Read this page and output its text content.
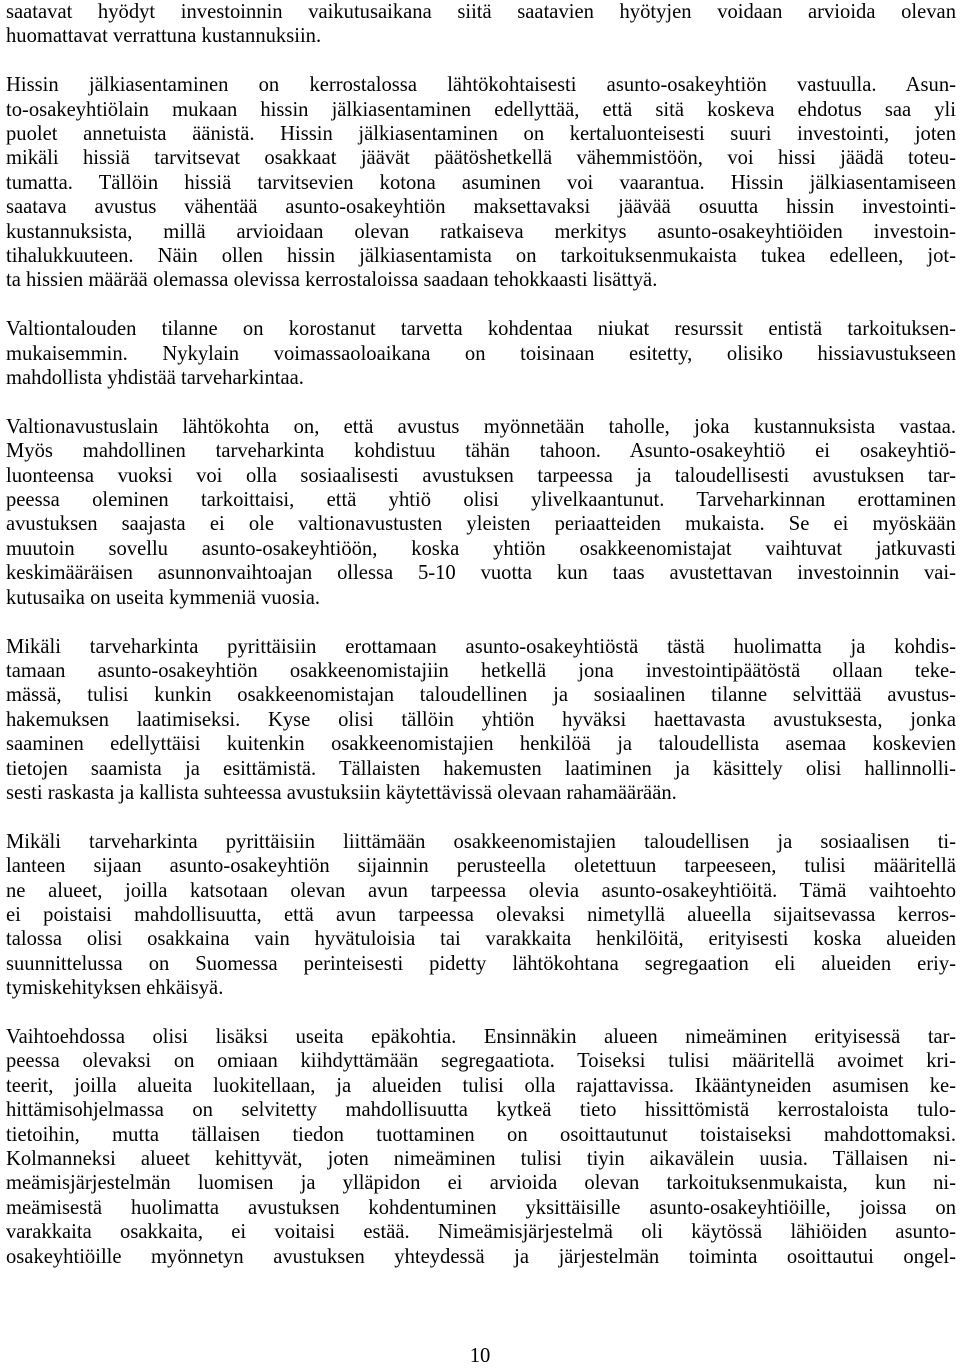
saatavat hyödyt investoinnin vaikutusaikana siitä saatavien hyötyjen voidaan arvioida olevan
huomattavat verrattuna kustannuksiin.
Hissin jälkiasentaminen on kerrostalossa lähtökohtaisesti asunto-osakeyhtiön vastuulla. Asun-
to-osakeyhtiölain mukaan hissin jälkiasentaminen edellyttää, että sitä koskeva ehdotus saa yli
puolet annetuista äänistä. Hissin jälkiasentaminen on kertaluonteisesti suuri investointi, joten
mikäli hissiä tarvitsevat osakkaat jäävät päätöshetkellä vähemmistöön, voi hissi jäädä toteu-
tumatta. Tällöin hissiä tarvitsevien kotona asuminen voi vaarantua. Hissin jälkiasentamiseen
saatava avustus vähentää asunto-osakeyhtiön maksettavaksi jäävää osuutta hissin investointi-
kustannuksista, millä arvioidaan olevan ratkaiseva merkitys asunto-osakeyhtiöiden investoin-
tihalukkuuteen. Näin ollen hissin jälkiasentamista on tarkoituksenmukaista tukea edelleen, jot-
ta hissien määrää olemassa olevissa kerrostaloissa saadaan tehokkaasti lisättyä.
Valtiontalouden tilanne on korostanut tarvetta kohdentaa niukat resurssit entistä tarkoituksen-
mukaisemmin. Nykylain voimassaoloaikana on toisinaan esitetty, olisiko hissiavustukseen
mahdollista yhdistää tarveharkintaa.
Valtionavustuslain lähtökohta on, että avustus myönnetään taholle, joka kustannuksista vastaa.
Myös mahdollinen tarveharkinta kohdistuu tähän tahoon. Asunto-osakeyhtiö ei osakeyhtiö-
luonteensa vuoksi voi olla sosiaalisesti avustuksen tarpeessa ja taloudellisesti avustuksen tar-
peessa oleminen tarkoittaisi, että yhtiö olisi ylivelkaantunut. Tarveharkinnan erottaminen
avustuksen saajasta ei ole valtionavustusten yleisten periaatteiden mukaista. Se ei myöskään
muutoin sovellu asunto-osakeyhtiöön, koska yhtiön osakkeenomistajat vaihtuvat jatkuvasti
keskimääräisen asunnonvaihtoajan ollessa 5-10 vuotta kun taas avustettavan investoinnin vai-
kutusaika on useita kymmeniä vuosia.
Mikäli tarveharkinta pyrittäisiin erottamaan asunto-osakeyhtiöstä tästä huolimatta ja kohdis-
tamaan asunto-osakeyhtiön osakkeenomistajiin hetkellä jona investointipäätöstä ollaan teke-
mässä, tulisi kunkin osakkeenomistajan taloudellinen ja sosiaalinen tilanne selvittää avustus-
hakemuksen laatimiseksi. Kyse olisi tällöin yhtiön hyväksi haettavasta avustuksesta, jonka
saaminen edellyttäisi kuitenkin osakkeenomistajien henkilöä ja taloudellista asemaa koskevien
tietojen saamista ja esittämistä. Tällaisten hakemusten laatiminen ja käsittely olisi hallinnolli-
sesti raskasta ja kallista suhteessa avustuksiin käytettävissä olevaan rahamäärään.
Mikäli tarveharkinta pyrittäisiin liittämään osakkeenomistajien taloudellisen ja sosiaalisen ti-
lanteen sijaan asunto-osakeyhtiön sijainnin perusteella oletettuun tarpeeseen, tulisi määritellä
ne alueet, joilla katsotaan olevan avun tarpeessa olevia asunto-osakeyhtiöitä. Tämä vaihtoehto
ei poistaisi mahdollisuutta, että avun tarpeessa olevaksi nimetyllä alueella sijaitsevassa kerros-
talossa olisi osakkaina vain hyvätuloisia tai varakkaita henkilöitä, erityisesti koska alueiden
suunnittelussa on Suomessa perinteisesti pidetty lähtökohtana segregaation eli alueiden eriy-
tymiskehityksen ehkäisyä.
Vaihtoehdossa olisi lisäksi useita epäkohtia. Ensinnäkin alueen nimeäminen erityisessä tar-
peessa olevaksi on omiaan kiihdyttämään segregaatiota. Toiseksi tulisi määritellä avoimet kri-
teerit, joilla alueita luokitellaan, ja alueiden tulisi olla rajattavissa. Ikääntyneiden asumisen ke-
hittämisohjelmassa on selvitetty mahdollisuutta kytkeä tieto hissittömistä kerrostaloista tulo-
tietoihin, mutta tällaisen tiedon tuottaminen on osoittautunut toistaiseksi mahdottomaksi.
Kolmanneksi alueet kehittyvät, joten nimeäminen tulisi tiyin aikavälein uusia. Tällaisen ni-
meämisjärjestelmän luomisen ja ylläpidon ei arvioida olevan tarkoituksenmukaista, kun ni-
meämisestä huolimatta avustuksen kohdentuminen yksittäisille asunto-osakeyhtiöille, joissa on
varakkaita osakkaita, ei voitaisi estää. Nimeämisjärjestelmä oli käytössä lähiöiden asunto-
osakeyhtiöille myönnetyn avustuksen yhteydessä ja järjestelmän toiminta osoittautui ongel-
10
